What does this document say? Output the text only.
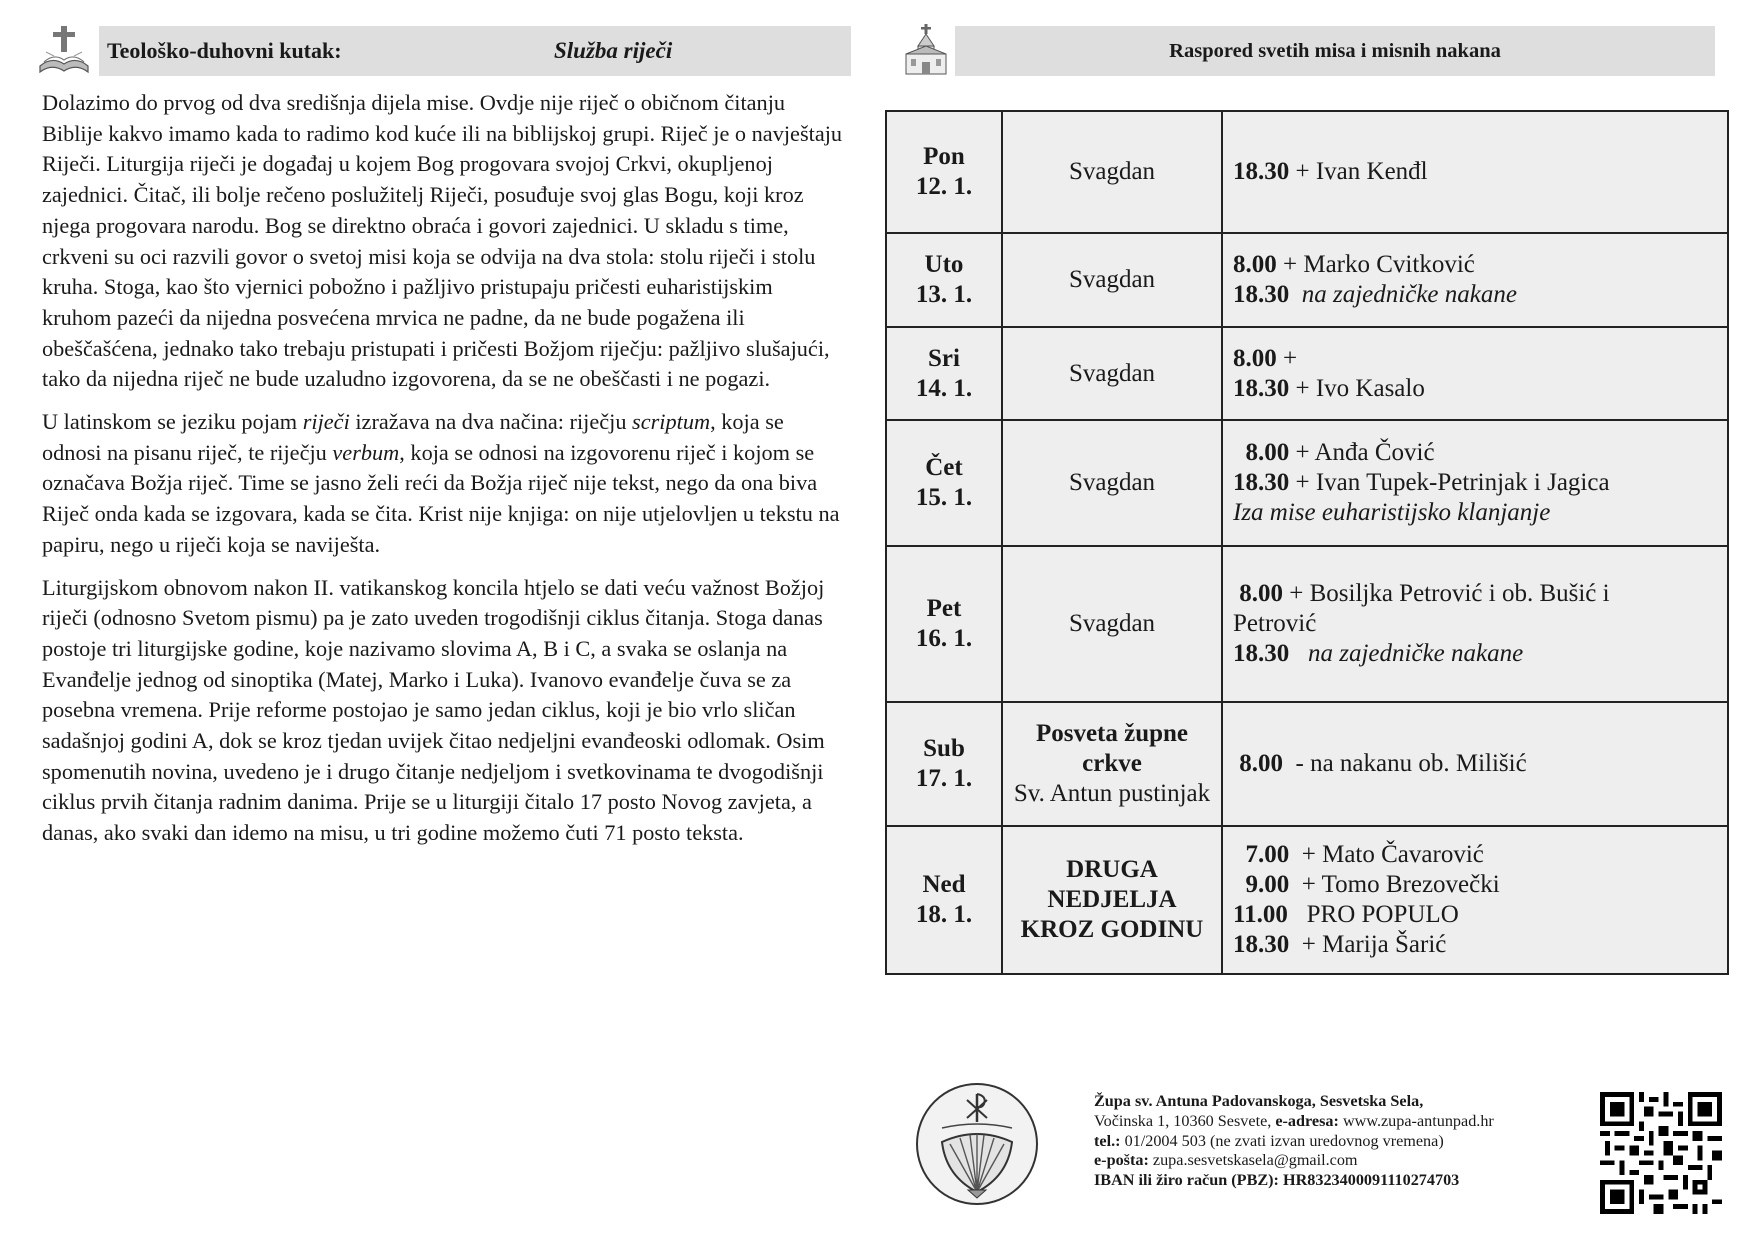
Teološko-duhovni kutak:	Služba riječi

Dolazimo do prvog od dva središnja dijela mise. Ovdje nije riječ o običnom čitanju Biblije kakvo imamo kada to radimo kod kuće ili na biblijskoj grupi. Riječ je o navještaju Riječi. Liturgija riječi je događaj u kojem Bog progovara svojoj Crkvi, okupljenoj zajednici. Čitač, ili bolje rečeno poslužitelj Riječi, posuđuje svoj glas Bogu, koji kroz njega progovara narodu. Bog se direktno obraća i govori zajednici. U skladu s time, crkveni su oci razvili govor o svetoj misi koja se odvija na dva stola: stolu riječi i stolu kruha. Stoga, kao što vjernici pobožno i pažljivo pristupaju pričesti euharistijskim kruhom pazeći da nijedna posvećena mrvica ne padne, da ne bude pogažena ili obeščašćena, jednako tako trebaju pristupati i pričesti Božjom riječju: pažljivo slušajući, tako da nijedna riječ ne bude uzaludno izgovorena, da se ne obeščasti i ne pogazi.

U latinskom se jeziku pojam riječi izražava na dva načina: riječju scriptum, koja se odnosi na pisanu riječ, te riječju verbum, koja se odnosi na izgovorenu riječ i kojom se označava Božja riječ. Time se jasno želi reći da Božja riječ nije tekst, nego da ona biva Riječ onda kada se izgovara, kada se čita. Krist nije knjiga: on nije utjelovljen u tekstu na papiru, nego u riječi koja se naviješta.

Liturgijskom obnovom nakon II. vatikanskog koncila htjelo se dati veću važnost Božjoj riječi (odnosno Svetom pismu) pa je zato uveden trogodišnji ciklus čitanja. Stoga danas postoje tri liturgijske godine, koje nazivamo slovima A, B i C, a svaka se oslanja na Evanđelje jednog od sinoptika (Matej, Marko i Luka). Ivanovo evanđelje čuva se za posebna vremena. Prije reforme postojao je samo jedan ciklus, koji je bio vrlo sličan sadašnjoj godini A, dok se kroz tjedan uvijek čitao nedjeljni evanđeoski odlomak. Osim spomenutih novina, uvedeno je i drugo čitanje nedjeljom i svetkovinama te dvogodišnji ciklus prvih čitanja radnim danima. Prije se u liturgiji čitalo 17 posto Novog zavjeta, a danas, ako svaki dan idemo na misu, u tri godine možemo čuti 71 posto teksta.

Raspored svetih misa i misnih nakana
Pon
12. 1.	Svagdan	18.30 + Ivan Kenđl

Uto
13. 1.	Svagdan	8.00 + Marko Cvitković
18.30 na zajedničke nakane

Sri
14. 1.	Svagdan	8.00 +
18.30 + Ivo Kasalo

Čet
15. 1.	Svagdan	8.00 + Anđa Čović
18.30 + Ivan Tupek-Petrinjak i Jagica
Iza mise euharistijsko klanjanje

Pet
16. 1.	Svagdan	8.00 + Bosiljka Petrović i ob. Bušić i
Petrović
18.30 na zajedničke nakane

Sub
17. 1.	Posveta župne crkve
Sv. Antun pustinjak	8.00 - na nakanu ob. Milišić

Ned
18. 1.	DRUGA NEDJELJA KROZ GODINU	7.00 + Mato Čavarović
9.00 + Tomo Brezovečki
11.00 PRO POPULO
18.30 + Marija Šarić
Župa sv. Antuna Padovanskoga, Sesvetska Sela,
Vočinska 1, 10360 Sesvete, e-adresa: www.zupa-antunpad.hr
tel.: 01/2004 503 (ne zvati izvan uredovnog vremena)
e-pošta: zupa.sesvetskasela@gmail.com
IBAN ili žiro račun (PBZ): HR8323400091110274703
